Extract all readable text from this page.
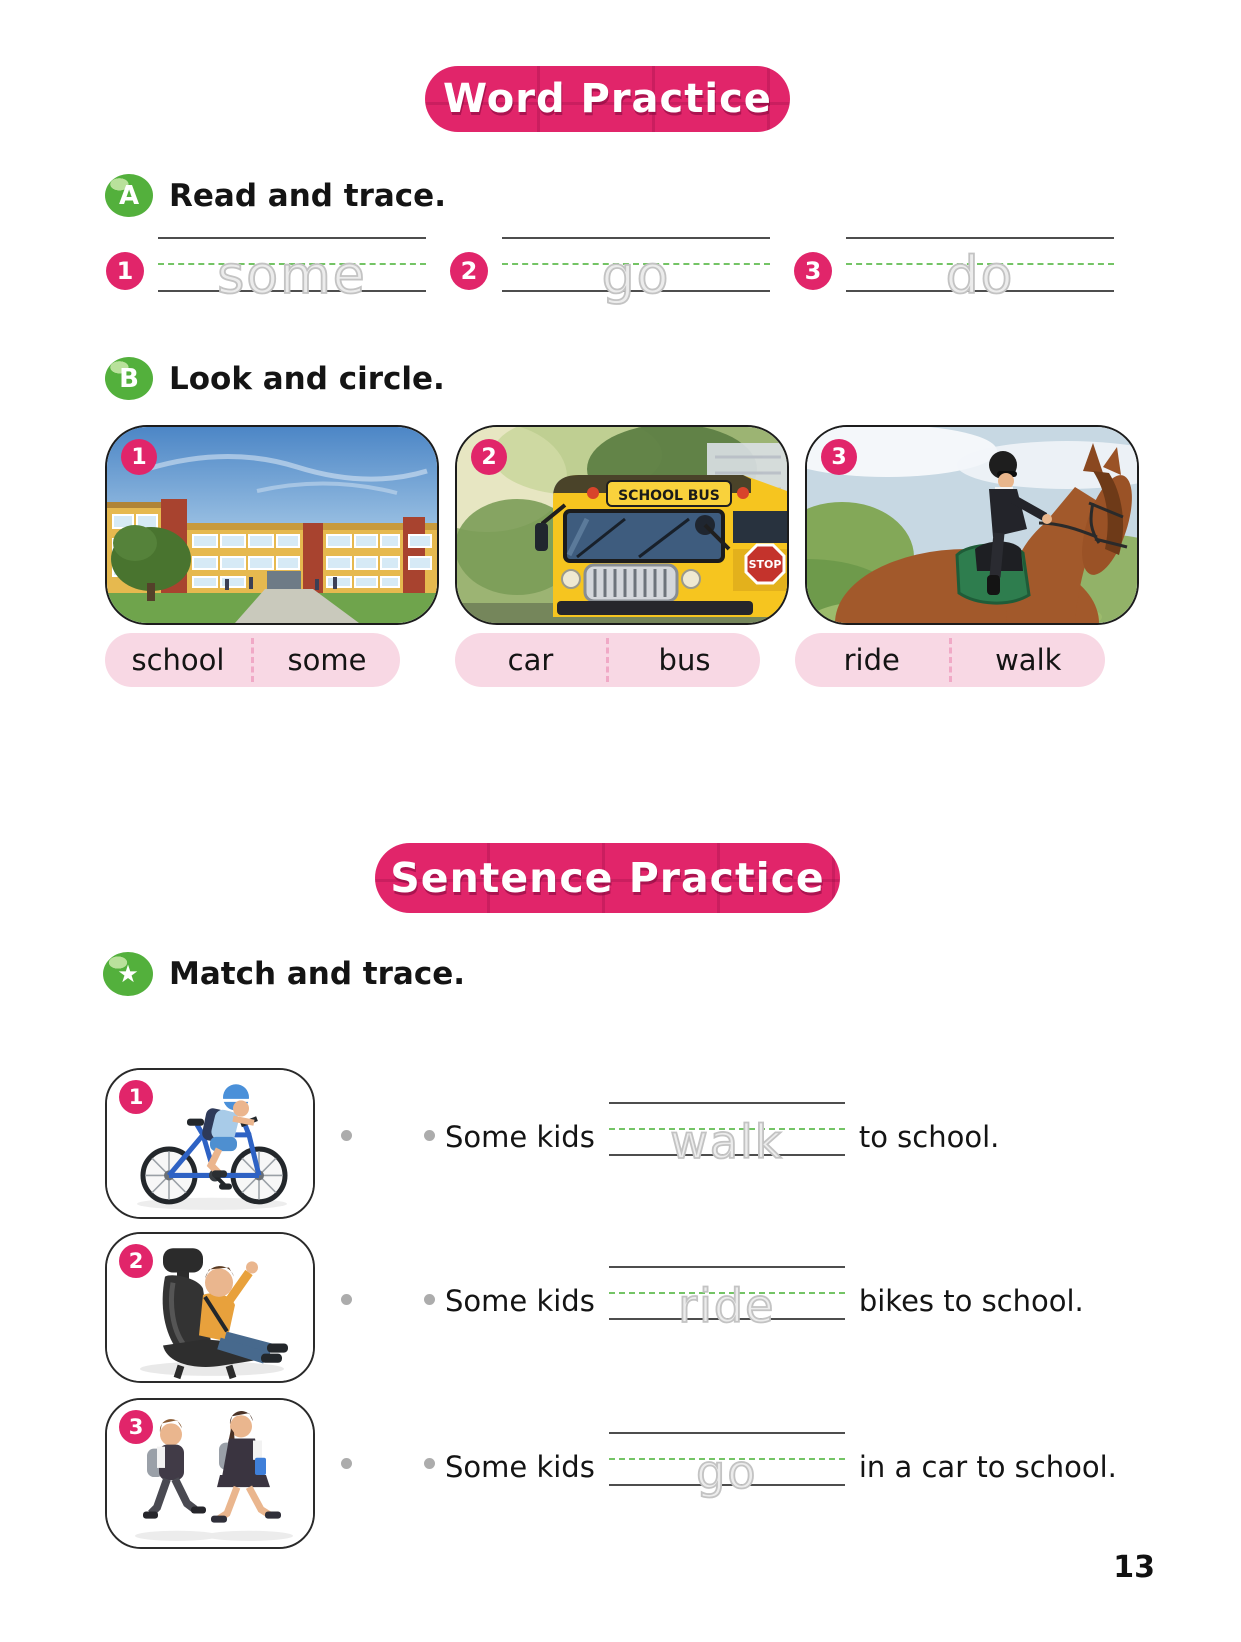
Word Practice
A Read and trace.
1	some	2	go	3	do
B Look and circle.
1	2
SCHOOL BUS
STOP
3
school	some	car	bus	ride	walk
Sentence Practice
★ Match and trace.
1
Some kids	walk	to school.
2
Some kids	ride	bikes to school.
3
Some kids	go	in a car to school.
13
